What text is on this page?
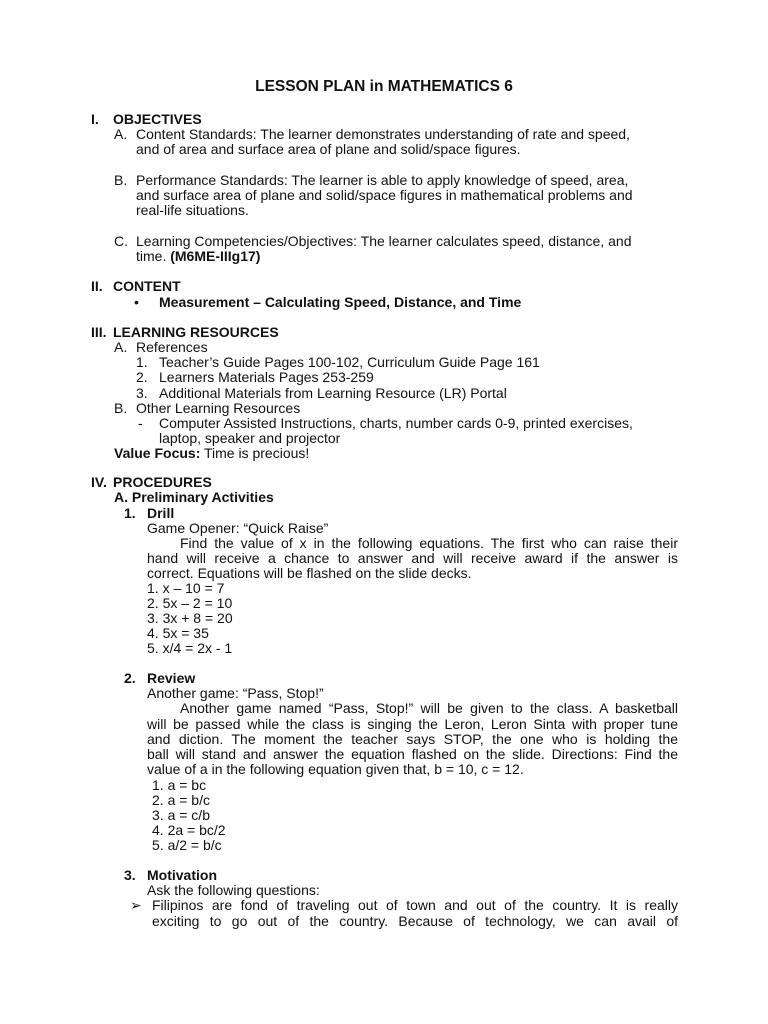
LESSON PLAN in MATHEMATICS 6
I. OBJECTIVES
A. Content Standards: The learner demonstrates understanding of rate and speed,
and of area and surface area of plane and solid/space figures.
B. Performance Standards: The learner is able to apply knowledge of speed, area,
and surface area of plane and solid/space figures in mathematical problems and
real-life situations.
C. Learning Competencies/Objectives: The learner calculates speed, distance, and
time. (M6ME-IIIg17)
II. CONTENT
• Measurement – Calculating Speed, Distance, and Time
III. LEARNING RESOURCES
A. References
1. Teacher’s Guide Pages 100-102, Curriculum Guide Page 161
2. Learners Materials Pages 253-259
3. Additional Materials from Learning Resource (LR) Portal
B. Other Learning Resources
- Computer Assisted Instructions, charts, number cards 0-9, printed exercises,
laptop, speaker and projector
Value Focus: Time is precious!
IV. PROCEDURES
A. Preliminary Activities
1. Drill
Game Opener: “Quick Raise”
Find the value of x in the following equations. The first who can raise their
hand will receive a chance to answer and will receive award if the answer is
correct. Equations will be flashed on the slide decks.
1. x – 10 = 7
2. 5x – 2 = 10
3. 3x + 8 = 20
4. 5x = 35
5. x/4 = 2x - 1
2. Review
Another game: “Pass, Stop!”
Another game named “Pass, Stop!” will be given to the class. A basketball
will be passed while the class is singing the Leron, Leron Sinta with proper tune
and diction. The moment the teacher says STOP, the one who is holding the
ball will stand and answer the equation flashed on the slide. Directions: Find the
value of a in the following equation given that, b = 10, c = 12.
1. a = bc
2. a = b/c
3. a = c/b
4. 2a = bc/2
5. a/2 = b/c
3. Motivation
Ask the following questions:
➢ Filipinos are fond of traveling out of town and out of the country. It is really
exciting to go out of the country. Because of technology, we can avail of
